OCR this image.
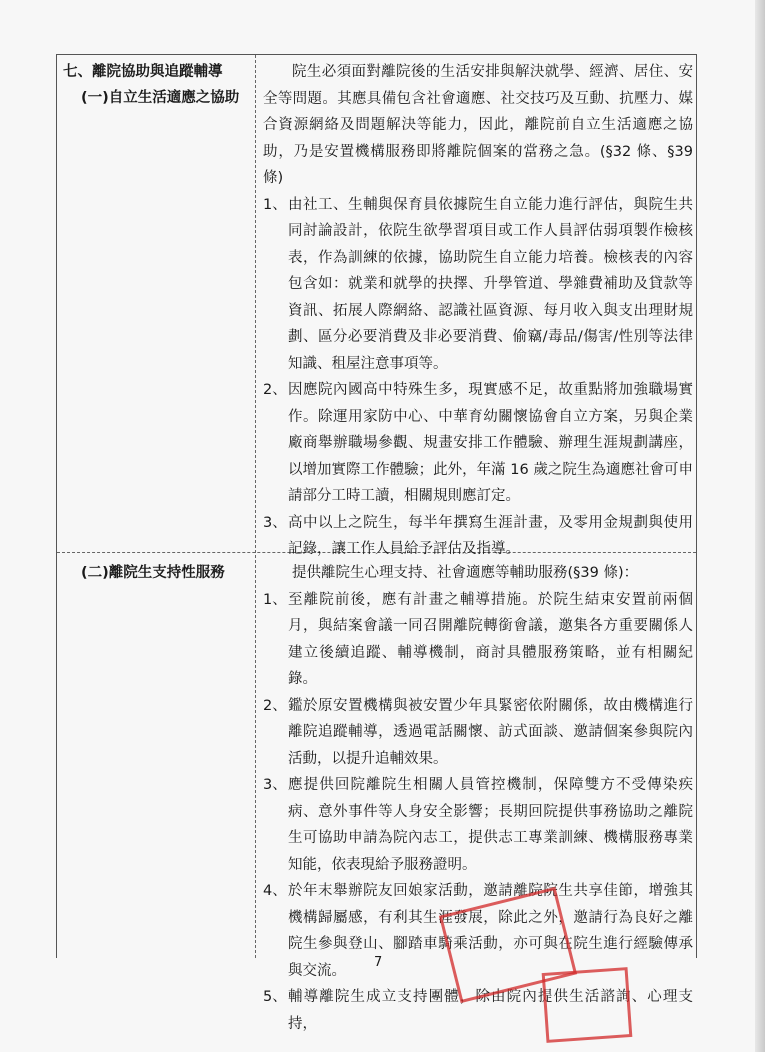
七、離院協助與追蹤輔導
(一)自立生活適應之協助
院生必須面對離院後的生活安排與解決就學、經濟、居住、安全等問題。其應具備包含社會適應、社交技巧及互動、抗壓力、媒合資源網絡及問題解決等能力，因此，離院前自立生活適應之協助，乃是安置機構服務即將離院個案的當務之急。(§32 條、§39 條)
1、 由社工、生輔與保育員依據院生自立能力進行評估，與院生共同討論設計，依院生欲學習項目或工作人員評估弱項製作檢核表，作為訓練的依據，協助院生自立能力培養。檢核表的內容包含如：就業和就學的抉擇、升學管道、學雜費補助及貸款等資訊、拓展人際網絡、認識社區資源、每月收入與支出理財規劃、區分必要消費及非必要消費、偷竊/毒品/傷害/性別等法律知識、租屋注意事項等。
2、 因應院內國高中特殊生多，現實感不足，故重點將加強職場實作。除運用家防中心、中華育幼關懷協會自立方案，另與企業廠商舉辦職場參觀、規畫安排工作體驗、辦理生涯規劃講座，以增加實際工作體驗；此外，年滿 16 歲之院生為適應社會可申請部分工時工讀，相關規則應訂定。
3、 高中以上之院生，每半年撰寫生涯計畫，及零用金規劃與使用記錄，讓工作人員給予評估及指導。
(二)離院生支持性服務	提供離院生心理支持、社會適應等輔助服務(§39 條)：
1、 至離院前後，應有計畫之輔導措施。於院生結束安置前兩個月，與結案會議一同召開離院轉銜會議，邀集各方重要關係人建立後續追蹤、輔導機制，商討具體服務策略，並有相關紀錄。
2、 鑑於原安置機構與被安置少年具緊密依附關係，故由機構進行離院追蹤輔導，透過電話關懷、訪式面談、邀請個案參與院內活動，以提升追輔效果。
3、 應提供回院離院生相關人員管控機制，保障雙方不受傳染疾病、意外事件等人身安全影響；長期回院提供事務協助之離院生可協助申請為院內志工，提供志工專業訓練、機構服務專業知能，依表現給予服務證明。
4、 於年末舉辦院友回娘家活動，邀請離院院生共享佳節，增強其機構歸屬感，有利其生涯發展，除此之外，邀請行為良好之離院生參與登山、腳踏車騎乘活動，亦可與在院生進行經驗傳承與交流。
5、 輔導離院生成立支持團體，除由院內提供生活諮詢、心理支持，
7
